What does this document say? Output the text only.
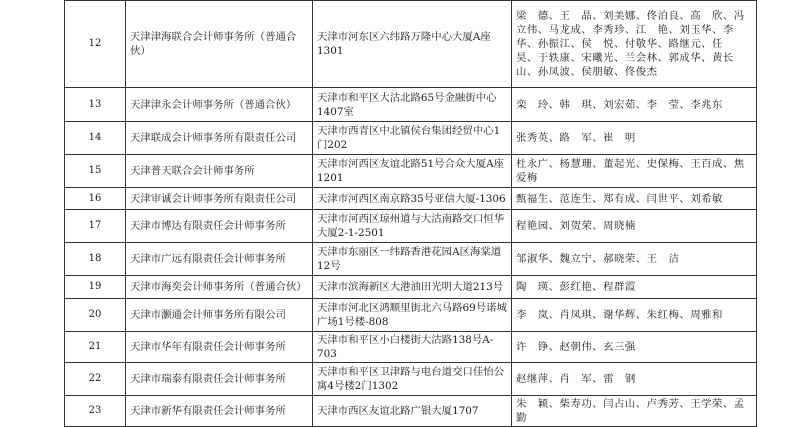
12	天津津海联合会计师事务所（普通合伙）	天津市河东区六纬路万隆中心大厦A座1301	梁　德、王　晶、刘美娜、佟泊良、高　欣、冯立伟、马龙成、李秀珍、江　艳、刘玉华、李　华、孙振江、侯　悦、付敬华、路继元、任　昊、于轶康、宋曦光、兰会林、郭成华、黄长山、孙凤波、侯朋敏、佟俊杰
13	天津津永会计师事务所（普通合伙）	天津市和平区大沽北路65号金融街中心1407室	栾　玲、韩　琪、刘宏茹、李　莹、李兆东
14	天津联成会计师事务所有限责任公司	天津市西青区中北镇侯台集团经贸中心1门202	张秀英、路　军、崔　明
15	天津普天联合会计师事务所	天津市河西区友谊北路51号合众大厦A座1201	杜永广、杨慧珊、董起光、史保梅、王百成、焦爱梅
16	天津审诚会计师事务所有限责任公司	天津市河西区南京路35号亚信大厦-1306	甄福生、范连生、郑有成、闫世平、刘希敏
17	天津市博达有限责任会计师事务所	天津市河西区琼州道与大沽南路交口恒华大厦2-1-2501	程艳园、刘贺荣、周晓楠
18	天津市广远有限责任会计师事务所	天津市东丽区一纬路香港花园A区海棠道12号	邹淑华、魏立宁、郝晓荣、王　洁
19	天津市海奕会计师事务所（普通合伙）	天津市滨海新区大港油田光明大道213号	陶　瑛、彭红艳、程群霞
20	天津市灏通会计师事务所有限公司	天津市河北区鸿顺里街北六马路69号诺城广场1号楼-808	李　岚、肖凤琪、谢华辉、朱红梅、周雅和
21	天津市华年有限责任会计师事务所	天津市和平区小白楼街大沽路138号A-703	许　铮、赵朝伟、玄三强
22	天津市瑞泰有限责任会计师事务所	天津市和平区卫津路与电台道交口佳怡公寓4号楼2门1302	赵继萍、肖　军、雷　钢
23	天津市新华有限责任会计师事务所	天津市西区友谊北路广银大厦1707	朱　颖、柴寿功、闫占山、卢秀芳、王学荣、孟　勤
